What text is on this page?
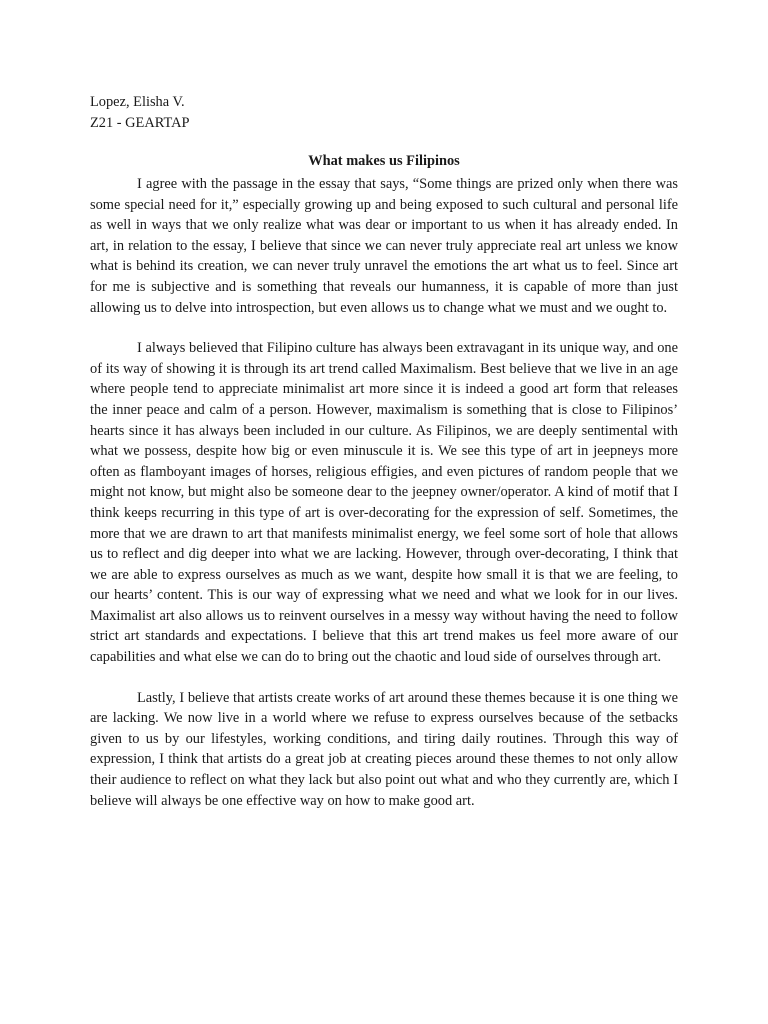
Lopez, Elisha V.
Z21 - GEARTAP
What makes us Filipinos

I agree with the passage in the essay that says, “Some things are prized only when there was some special need for it,” especially growing up and being exposed to such cultural and personal life as well in ways that we only realize what was dear or important to us when it has already ended. In art, in relation to the essay, I believe that since we can never truly appreciate real art unless we know what is behind its creation, we can never truly unravel the emotions the art what us to feel. Since art for me is subjective and is something that reveals our humanness, it is capable of more than just allowing us to delve into introspection, but even allows us to change what we must and we ought to.

I always believed that Filipino culture has always been extravagant in its unique way, and one of its way of showing it is through its art trend called Maximalism. Best believe that we live in an age where people tend to appreciate minimalist art more since it is indeed a good art form that releases the inner peace and calm of a person. However, maximalism is something that is close to Filipinos’ hearts since it has always been included in our culture. As Filipinos, we are deeply sentimental with what we possess, despite how big or even minuscule it is. We see this type of art in jeepneys more often as flamboyant images of horses, religious effigies, and even pictures of random people that we might not know, but might also be someone dear to the jeepney owner/operator. A kind of motif that I think keeps recurring in this type of art is over-decorating for the expression of self. Sometimes, the more that we are drawn to art that manifests minimalist energy, we feel some sort of hole that allows us to reflect and dig deeper into what we are lacking. However, through over-decorating, I think that we are able to express ourselves as much as we want, despite how small it is that we are feeling, to our hearts’ content. This is our way of expressing what we need and what we look for in our lives. Maximalist art also allows us to reinvent ourselves in a messy way without having the need to follow strict art standards and expectations. I believe that this art trend makes us feel more aware of our capabilities and what else we can do to bring out the chaotic and loud side of ourselves through art.

Lastly, I believe that artists create works of art around these themes because it is one thing we are lacking. We now live in a world where we refuse to express ourselves because of the setbacks given to us by our lifestyles, working conditions, and tiring daily routines. Through this way of expression, I think that artists do a great job at creating pieces around these themes to not only allow their audience to reflect on what they lack but also point out what and who they currently are, which I believe will always be one effective way on how to make good art.
